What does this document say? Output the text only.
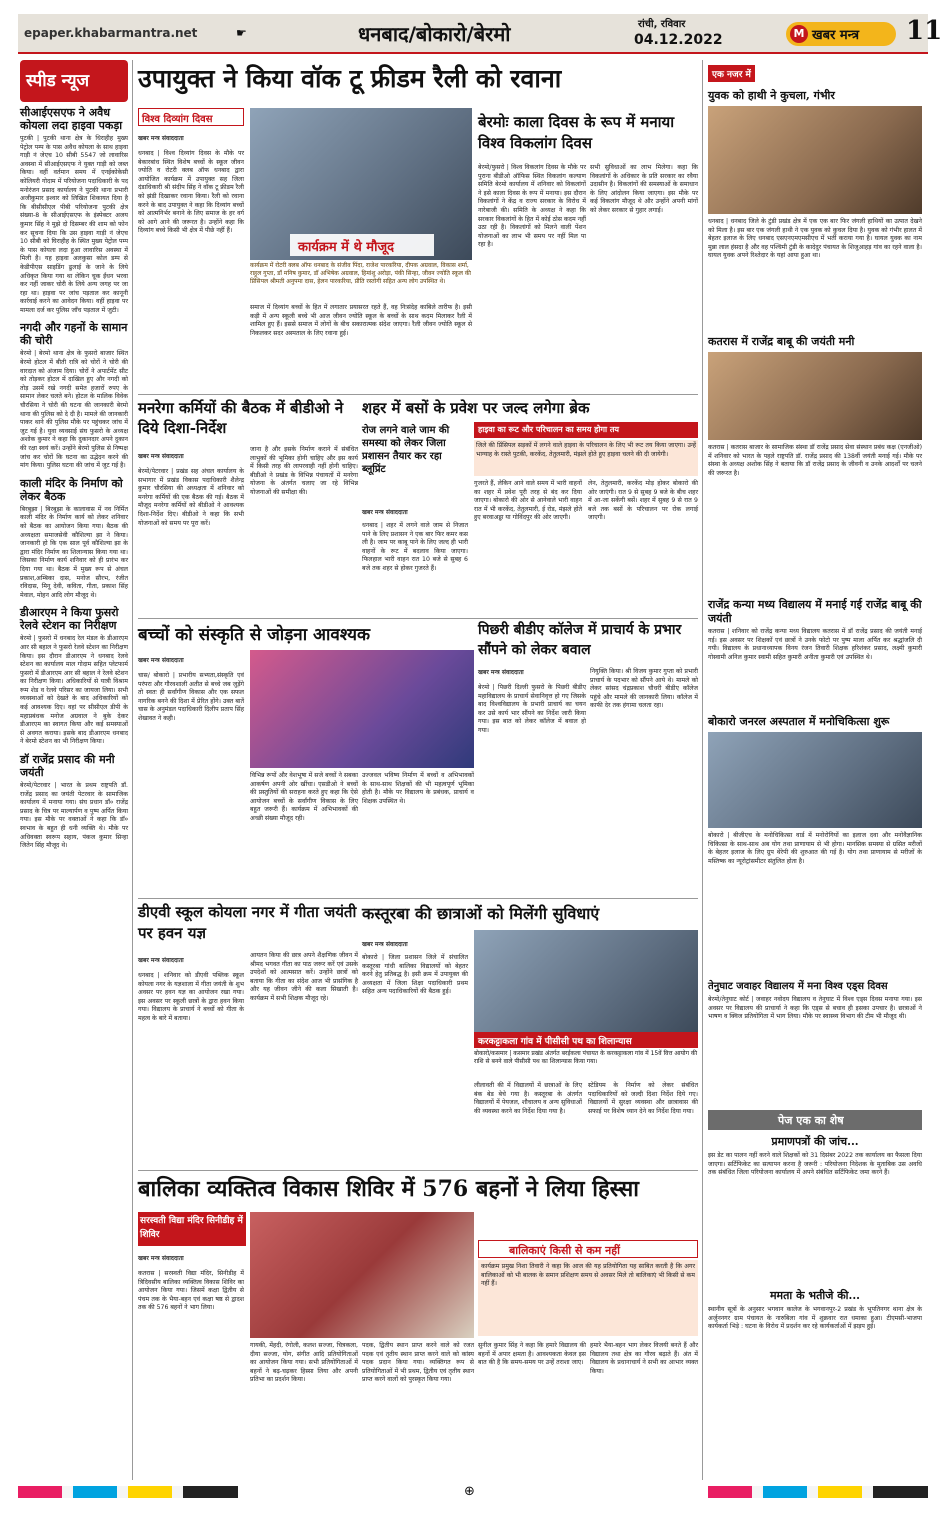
epaper.khabarmantra.net	☛	धनबाद/बोकारो/बेरमो	रांची, रविवार
04.12.2022	M खबर मन्त्र 11
स्पीड न्यूज
सीआईएसएफ ने अवैध कोयला लदा हाइवा पकड़ा
पुटकी | पुटकी थाना क्षेत्र के धिराहीह मुख्य पेट्रोल पम्प के पास अवैध कोयला के साथ हाइवा गाड़ी नं जेएच 10 सीबी 5547 जो लावारिस अवस्था में सीआईएसएफ ने युक्त गाड़ी को जब्त किया। वहीं वर्तमान समय में एनईकोकेसी कोलियरी गोदाम में परियोजना पदाधिकारी के पद मनोरंजन प्रसाद कार्यालय ने पुटकी थाना प्रभारी अजीकुमार इश्वार को लिखित शिकायत दिया है कि बीसीसीएल पीबी परियोजना पुटकी क्षेत्र संख्या-8 के सीआईएसएफ के इंस्पेक्टर अजय कुमार सिंह ने मुझे दो दिसम्बर की शाम को फोन कर सूचना दिया कि उस हाइवा गाड़ी नं जेएच 10 सीबी को घिराहीह के स्थित मुख्य पेट्रोल पम्प के पास कोयला लदा हुआ लावारिस अवस्था में मिली है। यह हाइवा अलकुसा कोल डम्प से केडीपीएस साइडिंग ढुलाई के जाने के लिये अधिकृत किया गया था लेकिन चूक ईंधन भरवा कर नहीं जाकर चोरी के लिये अन्य जगह पर जा रहा था। हाइवा पर जांच पड़ताल कर कानूनी कार्रवाई करने का आवेदन किया। वहीं हाइवा पर मामला दर्ज कर पुलिस जाँच पड़ताल में जुटी।
नगदी और गहनों के सामान की चोरी
बेरमो | बेरमो थाना क्षेत्र के फुसरो बाजार स्थित बेरमो होटल में बीती रात्रि को चोरों ने चोरी की वारदात को अंजाम दिया। चोरों ने अपार्टमेंट सीट को तोड़कर होटल में दाखिल हुए और नगदी को तोड़ उसमें रखे नगदी समेत हजारों रुपए के सामान लेकर चलते बने। होटल के मालिक विवेक चौरसिया ने चोरी की घटना की जानकारी बेरमो थाना की पुलिस को दे दी है। मामले की जानकारी पाकर थाने की पुलिस मौके पर पहुंचकर जांच में जुट गई है। युवा व्यवसाई संघ फुसरो के अध्यक्ष अशोक कुमार ने कहा कि दुकानदार अपने दुकान की रक्षा स्वयं करें। उन्होंने बेरमो पुलिस से निष्पक्ष जांच कर चोरों कि घटना का उद्भेदन करने की मांग किया। पुलिस घटना की जांच में जुट गई है।
काली मंदिर के निर्माण को लेकर बैठक
बिरबुझा | बिरबुझा के कालावास में नव निर्मित काली मंदिर के निर्माण कार्य को लेकर शनिवार को बैठक का आयोजन किया गया। बैठक की अध्यक्षता समाजसेवी कौशिल्या झा ने किया। जानकारी हो कि एक साल पूर्व कौशिल्या झा के द्वारा मंदिर निर्माण का शिलान्यास किया गया था। जिसका निर्माण कार्य शनिवार को ही प्रारंभ कर दिया गया था। बैठक में मुख्य रूप से अंचल प्रकाश,अम्बिका दास, मनोज सौरभ, रंजीत रविदास, मिनू देवी, कविता, गीता, प्रकाश सिंह मेवाल, मोहन आदि लोग मौजूद थे।
डीआरएम ने किया फुसरो रेलवे स्टेशन का निरीक्षण
बेरमो | फुसरो में धनबाद रेल मंडल के डीआरएम आर सी बहाल ने फुसरो रेलवे स्टेशन का निरीक्षण किया। इस दौरान डीआरएम ने धनबाद रेलवे स्टेशन का कार्यालय माल गोदाम सहित प्लेटफार्म फुसरो में डीआरएम आर सी बहाल ने रेलवे स्टेशन का निरीक्षण किया। अधिकारियों से यात्री विश्राम रूम शेड व रेलवे परिसर का जायजा लिया। सभी व्यवस्थाओं को देखते के बाद अधिकारियों को कई आवश्यक दिए। वहां पर सीसीएल डीपी के महाप्रबंधक मनोज अग्रवाल ने बुके देकर डीआरएम का स्वागत किया और कई समस्याओं से अवगत कराया। इसके बाद डीआरएम धनबाद ने बेरमो स्टेशन का भी निरीक्षण किया।
डॉ राजेंद्र प्रसाद की मनी जयंती
बेरमो/पेटरवार | भारत के प्रथम राष्ट्रपति डॉ. राजेंद्र प्रसाद का जयंती पेटरवार के सामाजिक कार्यालय में मनाया गया। संघ प्रधान डॉ० राजेंद्र प्रसाद के चित्र पर माल्यार्पण व पुष्प अर्पित किया गया। इस मौके पर वक्ताओं ने कहा कि डॉ० स्वभाव के बहुत ही धनी व्यक्ति थे। मौके पर अधिवक्ता स्वरूप सहाय, पंकज कुमार सिन्हा जितेन सिंह मौजूद थे।
उपायुक्त ने किया वॉक टू फ्रीडम रैली को रवाना
विश्व दिव्यांग दिवस
खबर मन्त्र संवाददाता
धनबाद | विश्व दिव्यांग दिवस के मौके पर बेकारबांध स्थित विशेष बच्चों के स्कूल जीवन ज्योति व रोटरी क्लब ऑफ धनबाद द्वारा आयोजित कार्यक्रम में उपायुक्त सह जिला दंडाधिकारी श्री संदीप सिंह ने वॉक टू फ्रीडम रैली को झंडी दिखाकर रवाना किया। रैली को रवाना करने के बाद उपायुक्त ने कहा कि दिव्यांग बच्चों को आत्मनिर्भर बनाने के लिए समाज के हर वर्ग को आगे आने की जरूरत है। उन्होंने कहा कि दिव्यांग बच्चे किसी भी क्षेत्र में पीछे नहीं हैं।
कार्यक्रम में थे मौजूद
कार्यक्रम में रोटरी क्लब ऑफ धनबाद के संजीव पिंदा, राजेश पारकरिया, दीपक अग्रवाल, विकास शर्मा, राहुल गुप्ता, डॉ मनिष कुमार, डॉ अभिषेक अग्रवाल, हिमांशु अरोड़ा, पंकी सिन्हा, जीवन ज्योति स्कूल की प्रिंसिपल श्रीमती अनुपमा दास, हेलन पारकरिया, प्रीति रस्तोगी सहित अन्य लोग उपस्थित थे।
समाज में दिव्यांग बच्चों के हित में लगातार प्रयासरत रहते हैं, वह निःसंदेह काबिले तारीफ है। इसी कड़ी में अन्य स्कूली बच्चे भी आज जीवन ज्योति स्कूल के बच्चों के साथ कदम मिलाकर रैली में शामिल हुए हैं। इससे समाज में लोगों के बीच सकारात्मक संदेश जाएगा। रैली जीवन ज्योति स्कूल से निकलकर सदर अस्पताल के लिए रवाना हुई।
बेरमोः काला दिवस के रूप में मनाया विश्व विकलांग दिवस
बेरमो/फुसरो | विश्व विकलांग दिवस के मौके पर पुराना बीडीओ ऑफिस स्थित विकलांग कल्याण समिति बेरमो कार्यालय में शनिवार को विकलांगों ने इसे काला दिवस के रूप में मनाया। इस दौरान विकलांगों ने केंद्र व राज्य सरकार के विरोध में नारेबाजी की। समिति के अध्यक्ष ने कहा कि सरकार विकलांगों के हित में कोई ठोस कदम नहीं उठा रही है। विकलांगों को मिलने वाली पेंशन योजनाओं का लाभ भी समय पर नहीं मिल पा रहा है।
सभी सुविधाओं का लाभ मिलेगा। कहा कि विकलांगों के अधिकार के प्रति सरकार का रवैया उदासीन है। विकलांगों की समस्याओं के समाधान के लिए आंदोलन किया जाएगा। इस मौके पर कई विकलांग मौजूद थे और उन्होंने अपनी मांगों को लेकर सरकार से गुहार लगाई।
एक नजर में
युवक को हाथी ने कुचला, गंभीर
धनबाद | धनबाद जिले के टुंडी प्रखंड क्षेत्र में एक एक बार फिर जंगली हाथियों का उत्पात देखने को मिला है। इस बार एक जंगली हाथी ने एक युवक को कुचल दिया है। युवक को गंभीर हालत में बेहतर इलाज के लिए धनबाद एसएनएमएमसीएच में भर्ती कराया गया है। घायल युवक का नाम मुन्ना लाल हंसदा है और वह पश्चिमी टुंडी के कादेदुर पंचायत के शिजुआहड़ गांव का रहने वाला है। घायल युवक अपने रिश्तेदार के यहां आया हुआ था।
कतरास में राजेंद्र बाबू की जयंती मनी
कतरास | कतरास बाजार के सामाजिक संस्था डॉ राजेंद्र प्रसाद सेवा संस्थान प्रबंध कक्ष (एनजीओ) में शनिवार को भारत के पहले राष्ट्रपति डॉ. राजेंद्र प्रसाद की 138वीं जयंती मनाई गई। मौके पर संस्था के अध्यक्ष अशोक सिंह ने बताया कि डॉ राजेंद्र प्रसाद के जीवनी व उनके आदर्शों पर चलने की जरूरत है।
राजेंद्र कन्या मध्य विद्यालय में मनाई गई राजेंद्र बाबू की जयंती
कतरास | शनिवार को राजेंद्र कन्या मध्य विद्यालय कतरास में डॉ राजेंद्र प्रसाद की जयंती मनाई गई। इस अवसर पर शिक्षकों एवं छात्रों ने उनके फोटो पर पुष्प माला अर्पित कर श्रद्धांजलि दी गयी। विद्यालय के प्रधानाध्यापक विनय रंजन तिवारी शिक्षक हरिशंकर प्रसाद, लक्ष्मी कुमारी गोस्वामी अनिल कुमार स्वामी सहित कुमारी अनीता कुमारी एवं उपस्थित थे।
बोकारो जनरल अस्पताल में मनोचिकित्सा शुरू
बोकारो | बीजीएच के मनोचिकित्सा वार्ड में मनोरोगियों का इलाज दवा और मनोवैज्ञानिक चिकित्सा के साथ-साथ अब योग तथा प्राणायाम से भी होगा। मानसिक समस्या से ग्रसित मरीजों के बेहतर इलाज के लिए ग्रुप थेरेपी की शुरुआत की गई है। योग तथा प्राणायाम से मरीजों के मस्तिष्क का न्यूरोट्रांसमीटर संतुलित होता है।
तेनुघाट जवाहर विद्यालय में मना विश्व एड्स दिवस
बेरमो/तेनुघाट कोर्ट | जवाहर नवोदय विद्यालय व तेनुघाट में विश्व एड्स दिवस मनाया गया। इस अवसर पर विद्यालय की प्राचार्या ने कहा कि एड्स से बचाव ही इसका उपचार है। छात्राओं ने भाषण व क्विज प्रतियोगिता में भाग लिया। मौके पर स्वास्थ्य विभाग की टीम भी मौजूद थी।
पेज एक का शेष
प्रमाणपत्रों की जांच...
इस डेट का पालन नहीं करने वाले शिक्षकों को 31 दिसंबर 2022 तक कार्यालय का फैसला दिया जाएगा। सर्टिफिकेट का सत्यापन करना है जरूरी : परियोजना निदेशक के मुताबिक उस अवधि तक संबंधित जिला परियोजना कार्यालय में अपने संबंधित सर्टिफिकेट जमा करने हैं।
ममता के भतीजे की...
स्थानीय सूत्रों के अनुसार भगवान कालेज के भगवानपुर-2 प्रखंड के भूपतिनगर थाना क्षेत्र के अर्जुननगर ग्राम पंचायत के नारुबिला गांव में शुक्रवार रात धमाका हुआ। टीएमसी-भाजपा कार्यकर्ता भिड़े : घटना के विरोध में प्रदर्शन कर रहे कार्यकर्ताओं में झड़प हुई।
मनरेगा कर्मियों की बैठक में बीडीओ ने दिये दिशा-निर्देश
खबर मन्त्र संवाददाता
बेरमो/पेटरवार | प्रखंड सह अंचल कार्यालय के सभागार में प्रखंड विकास पदाधिकारी शैलेन्द्र कुमार चौरसिया की अध्यक्षता में शनिवार को मनरेगा कर्मियों की एक बैठक की गई। बैठक में मौजूद मनरेगा कर्मियों को बीडीओ ने आवश्यक दिशा-निर्देश दिए। बीडीओ ने कहा कि सभी योजनाओं को समय पर पूरा करें।
जाना है और इसके निर्माण कराने में संबंधित लाभुकों की भूमिका होनी चाहिए और इस कार्य में किसी तरह की लापरवाही नहीं होनी चाहिए। बीडीओ ने प्रखंड के विभिन्न पंचायतों में मनरेगा योजना के अंतर्गत चलाए जा रहे विभिन्न योजनाओं की समीक्षा की।
शहर में बसों के प्रवेश पर जल्द लगेगा ब्रेक
रोज लगने वाले जाम की समस्या को लेकर जिला प्रशासन तैयार कर रहा ब्लूप्रिंट
खबर मन्त्र संवाददाता
हाइवा का रूट और परिचालन का समय होगा तय
जिले की प्रिंसिपल सड़कों में लगने वाले हाइवा के परिचालन के लिए भी रूट तय किया जाएगा। उन्हें भाग्याह के रास्ते पुटकी, करकेंद, तेतुलमारी, मंझले होते हुए हाइवा चलने की दी जायेगी।
धनबाद | शहर में लगने वाले जाम से निजात पाने के लिए प्रशासन ने एक बार फिर कमर कस ली है। जाम पर काबू पाने के लिए जल्द ही भारी वाहनों के रूट में बदलाव किया जाएगा। फिलहाल भारी वाहन रात 10 बजे से सुबह 6 बजे तक शहर से होकर गुजरते हैं।
गुजरते हैं, लेकिन आने वाले समय में भारी वाहनों का शहर में प्रवेश पूरी तरह से बंद कर दिया जाएगा। बोकारो की ओर से आनेवाले भारी वाहन रात में भी करकेंद, तेतुलमारी, ई रोड, मंझले होते हुए बरवाअड्डा या गोविंदपुर की ओर जाएगी।
लेन, तेतुलमारी, करकेंद मोड़ होकर बोकारो की ओर जाएंगी। रात 9 से सुबह 9 बजे के बीच शहर में आ-जा सकेंगी बसें। शहर में सुबह 9 से रात 9 बजे तक बसों के परिचालन पर रोक लगाई जाएगी।
बच्चों को संस्कृति से जोड़ना आवश्यक
खबर मन्त्र संवाददाता
चास/ बोकारो | प्रभारीय सभ्यता,संस्कृति एवं परंपरा और गौरवशाली अतीत से बच्चे जब जुड़ेंगे तो स्वतः ही सर्वांगीण विकास और एक सफल नागरिक बनने की दिशा में प्रेरित होंगे। उक्त बातें चास के अनुमंडल पदाधिकारी दिलीप प्रताप सिंह शेखावत ने कही।
विभिन्न रूपों और वेशभूषा में सजे बच्चों ने सबका आकर्षण अपनी ओर खींचा। एसडीओ ने बच्चों की प्रस्तुतियों की सराहना करते हुए कहा कि ऐसे आयोजन बच्चों के सर्वांगीण विकास के लिए बहुत जरूरी हैं। कार्यक्रम में अभिभावकों की अच्छी संख्या मौजूद रही।
उज्जवल भविष्य निर्माण में बच्चों व अभिभावकों के साथ-साथ शिक्षकों की भी महत्वपूर्ण भूमिका होती है। मौके पर विद्यालय के प्रबंधक, प्राचार्य व शिक्षक उपस्थित थे।
पिछरी बीडीए कॉलेज में प्राचार्य के प्रभार सौंपने को लेकर बवाल
खबर मन्त्र संवाददाता
बेरमो | पिछरी दिल्ली फुसरो के पिछरी बीडीए महाविद्यालय के प्राचार्य सेवानिवृत्त हो गए जिसके बाद विश्वविद्यालय के प्रभारी प्राचार्य का चयन कर उसे कार्य भार सौंपने का निर्देश जारी किया गया। इस बात को लेकर कॉलेज में बवाल हो गया।
नियुक्ति किया। श्री विजय कुमार गुप्ता को प्रभारी प्राचार्य के पदभार को सौंपने आये थे। मामले को लेकर सांसद चंद्रप्रकाश चौधरी बीडीए कॉलेज पहुंचे और मामले की जानकारी लिया। कॉलेज में काफी देर तक हंगामा चलता रहा।
डीएवी स्कूल कोयला नगर में गीता जयंती पर हवन यज्ञ
खबर मन्त्र संवाददाता
धनबाद | शनिवार को डीएवी पब्लिक स्कूल कोयला नगर के यज्ञशाला में गीता जयंती के शुभ अवसर पर हवन यज्ञ का आयोजन रखा गया। इस अवसर पर स्कूली छात्रों के द्वारा हवन किया गया। विद्यालय के प्राचार्य ने बच्चों को गीता के महत्व के बारे में बताया।
आयतन किया की छात्र अपने शैक्षणिक जीवन में श्रीमद भगवत गीता का पाठ जरूर करें एवं उसके उपदेशों को आत्मसात करें। उन्होंने छात्रों को बताया कि गीता का संदेश आज भी प्रासंगिक है और यह जीवन जीने की कला सिखाती है। कार्यक्रम में सभी शिक्षक मौजूद रहे।
कस्तूरबा की छात्राओं को मिलेंगी सुविधाएं
खबर मन्त्र संवाददाता
बोकारो | जिला प्रशासन जिले में संचालित कस्तूरबा गांधी बालिका विद्यालयों को बेहतर करने हेतु प्रतिबद्ध है। इसी क्रम में उपायुक्त की अध्यक्षता में जिला शिक्षा पदाधिकारी प्रथम सहित अन्य पदाधिकारियों की बैठक हुई।
करकट्टाकला गांव में पीसीसी पथ का शिलान्यास
बोकारो/कसमार | कसमार प्रखंड अंतर्गत बरईकला पंचायत के करकट्टाकला गांव में 15वें वित्त आयोग की राशि से बनने वाले पीसीसी पथ का शिलान्यास किया गया।
लीलावती की में विद्यालयों में छात्राओं के लिए बंक बेड बेचे गया है। कस्तूरबा के अंतर्गत विद्यालयों में पेयजल, शौचालय व अन्य सुविधाओं की व्यवस्था करने का निर्देश दिया गया है।
स्टेडियम के निर्माण को लेकर संबंधित पदाधिकारियों को जल्दी दिशा निर्देश दिये गए। विद्यालयों में सुरक्षा व्यवस्था और छात्रावास की सफाई पर विशेष ध्यान देने का निर्देश दिया गया।
बालिका व्यक्तित्व विकास शिविर में 576 बहनों ने लिया हिस्सा
सरस्वती विद्या मंदिर सिनीडीह में शिविर
खबर मन्त्र संवाददाता
कतरास | सरस्वती विद्या मंदिर, सिनीडीह में त्रिदिवसीय बालिका व्यक्तित्व विकास शिविर का आयोजन किया गया। जिसमें कक्षा द्वितीय से पंचम तक के भैया-बहन एवं कक्षा षष्ठ से द्वादश तक की 576 बहनों ने भाग लिया।
गायकी, मेंहदी, रंगोली, कलश सज्जा, चित्रकला, दीया सज्जा, योग, संगीत आदि प्रतियोगिताओं का आयोजन किया गया। सभी प्रतियोगिताओं में बहनों ने बढ़-चढ़कर हिस्सा लिया और अपनी प्रतिभा का प्रदर्शन किया।
पदक, द्वितीय स्थान प्राप्त करने वाले को रजत पदक एवं तृतीय स्थान प्राप्त करने वाले को कांस्य पदक प्रदान किया गया। व्यक्तिगत रूप से प्रतियोगिताओं में भी प्रथम, द्वितीय एवं तृतीय स्थान प्राप्त करने वालों को पुरस्कृत किया गया।
बालिकाएं किसी से कम नहीं
कार्यक्रम प्रमुख निशा तिवारी ने कहा कि आज की यह प्रतियोगिता यह साबित करती है कि अगर बालिकाओं को भी बालक के समान प्रशिक्षण समय से अवसर मिले तो बालिकाएं भी किसी से कम नहीं हैं।
सुनील कुमार सिंह ने कहा कि हमारे विद्यालय की बहनों में अपार क्षमता है। आवश्यकता केवल इस बात की है कि समय-समय पर उन्हें तराशा जाए।
हमारे भैया-बहन भाग लेकर विजयी बनते हैं और विद्यालय तथा क्षेत्र का गौरव बढ़ाते हैं। अंत में विद्यालय के प्रधानाचार्य ने सभी का आभार व्यक्त किया।
⊕
